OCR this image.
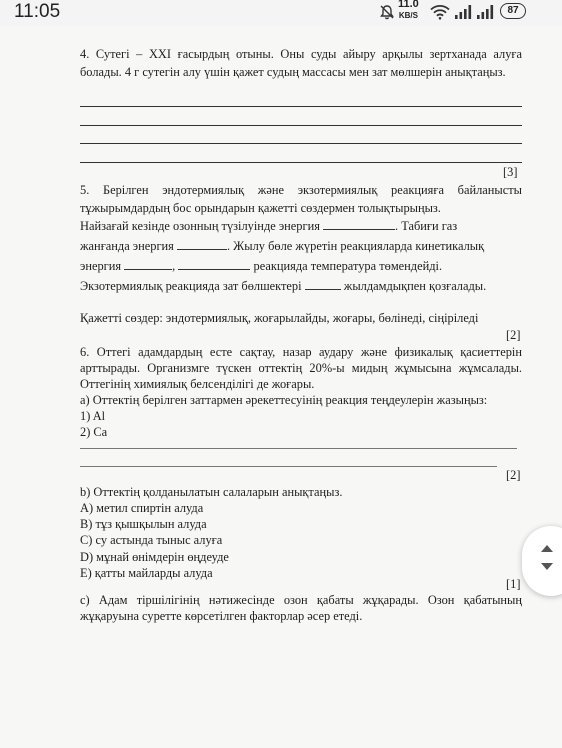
11:05	11.0
KB/S	87
4. Сутегі – XXI ғасырдың отыны. Оны суды айыру арқылы зертханада алуға болады. 4 г сутегін алу үшін қажет судың массасы мен зат мөлшерін анықтаңыз.
[3]
5. Берілген эндотермиялық және экзотермиялық реакцияға байланысты тұжырымдардың бос орындарын қажетті сөздермен толықтырыңыз.
Найзағай кезінде озонның түзілуінде энергия	. Табиғи газ
жанғанда энергия	. Жылу бөле жүретін реакцияларда кинетикалық
энергия	,	реакцияда температура төмендейді.
Экзотермиялық реакцияда зат бөлшектері	жылдамдықпен қозғалады.
Қажетті сөздер: эндотермиялық, жоғарылайды, жоғары, бөлінеді, сіңіріледі
[2]
6. Оттегі адамдардың есте сақтау, назар аудару және физикалық қасиеттерін арттырады. Организмге түскен оттектің 20%-ы мидың жұмысына жұмсалады. Оттегінің химиялық белсенділігі де жоғары.
a) Оттектің берілген заттармен әрекеттесуінің реакция теңдеулерін жазыңыз:
1) Al
2) Ca
[2]
b) Оттектің қолданылатын салаларын анықтаңыз.
A) метил спиртін алуда
B) тұз қышқылын алуда
C) су астында тыныс алуға
D) мұнай өнімдерін өңдеуде
E) қатты майларды алуда
[1]
c) Адам тіршілігінің нәтижесінде озон қабаты жұқарады. Озон қабатының жұқаруына суретте көрсетілген факторлар әсер етеді.
